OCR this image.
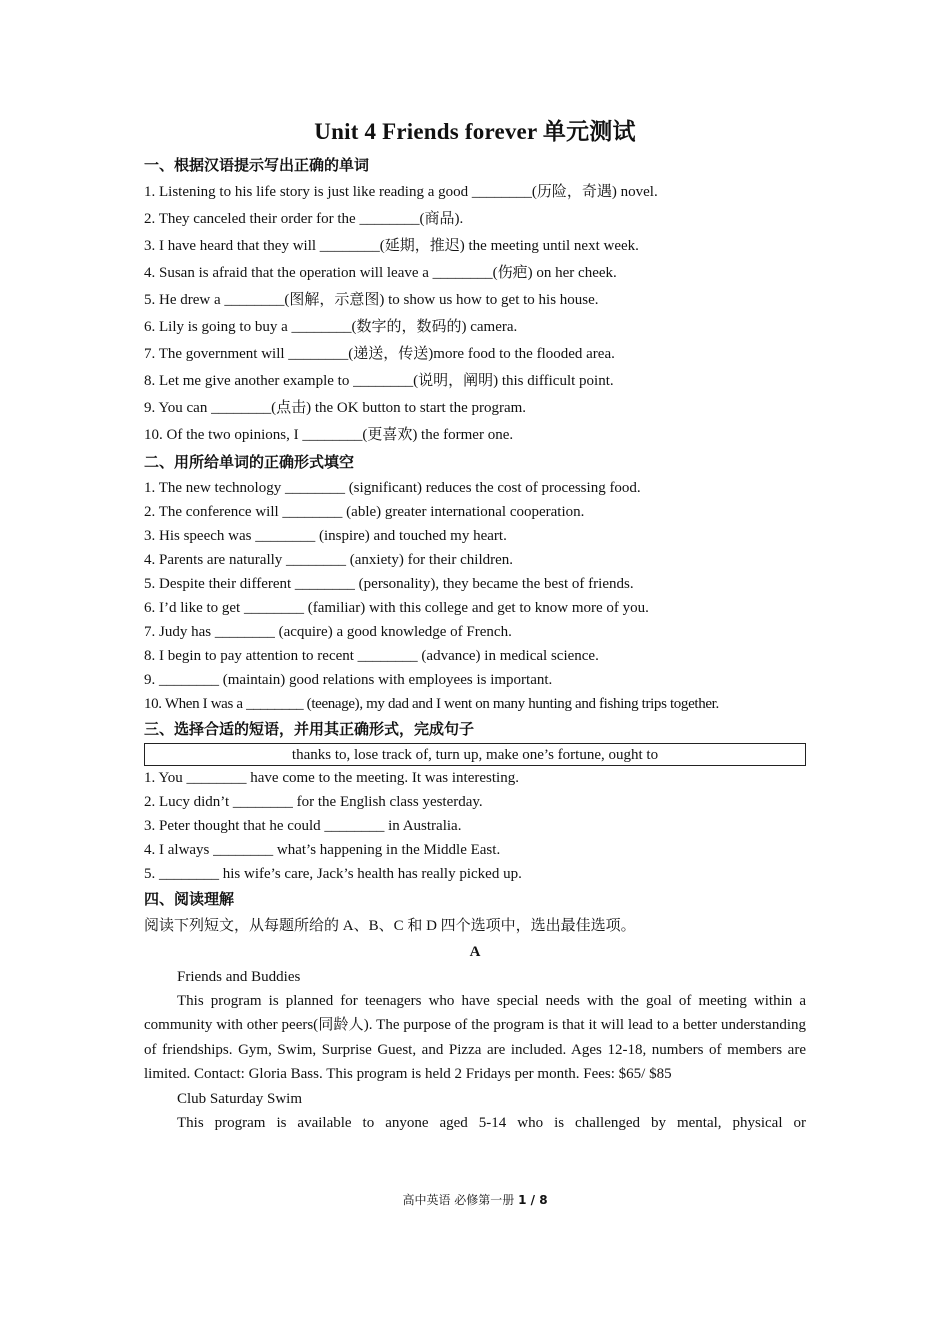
Unit 4 Friends forever 单元测试
一、根据汉语提示写出正确的单词
1. Listening to his life story is just like reading a good ________(历险，奇遇) novel.
2. They canceled their order for the ________(商品).
3. I have heard that they will ________(延期，推迟) the meeting until next week.
4. Susan is afraid that the operation will leave a ________(伤疤) on her cheek.
5. He drew a ________(图解，示意图) to show us how to get to his house.
6. Lily is going to buy a ________(数字的，数码的) camera.
7. The government will ________(递送，传送)more food to the flooded area.
8. Let me give another example to ________(说明，阐明) this difficult point.
9. You can ________(点击) the OK button to start the program.
10. Of the two opinions, I ________(更喜欢) the former one.
二、用所给单词的正确形式填空
1. The new technology ________ (significant) reduces the cost of processing food.
2. The conference will ________ (able) greater international cooperation.
3. His speech was ________ (inspire) and touched my heart.
4. Parents are naturally ________ (anxiety) for their children.
5. Despite their different ________ (personality), they became the best of friends.
6. I’d like to get ________ (familiar) with this college and get to know more of you.
7. Judy has ________ (acquire) a good knowledge of French.
8. I begin to pay attention to recent ________ (advance) in medical science.
9. ________ (maintain) good relations with employees is important.
10. When I was a ________ (teenage), my dad and I went on many hunting and fishing trips together.
三、选择合适的短语，并用其正确形式，完成句子
thanks to, lose track of, turn up, make one’s fortune, ought to
1. You ________ have come to the meeting. It was interesting.
2. Lucy didn’t ________ for the English class yesterday.
3. Peter thought that he could ________ in Australia.
4. I always ________ what’s happening in the Middle East.
5. ________ his wife’s care, Jack’s health has really picked up.
四、阅读理解
阅读下列短文，从每题所给的 A、B、C 和 D 四个选项中，选出最佳选项。
A
Friends and Buddies
This program is planned for teenagers who have special needs with the goal of meeting within a community with other peers(同龄人). The purpose of the program is that it will lead to a better understanding of friendships. Gym, Swim, Surprise Guest, and Pizza are included. Ages 12-18, numbers of members are limited. Contact: Gloria Bass. This program is held 2 Fridays per month. Fees: $65/ $85
Club Saturday Swim
This program is available to anyone aged 5-14 who is challenged by mental, physical or
高中英语 必修第一册 1 / 8
